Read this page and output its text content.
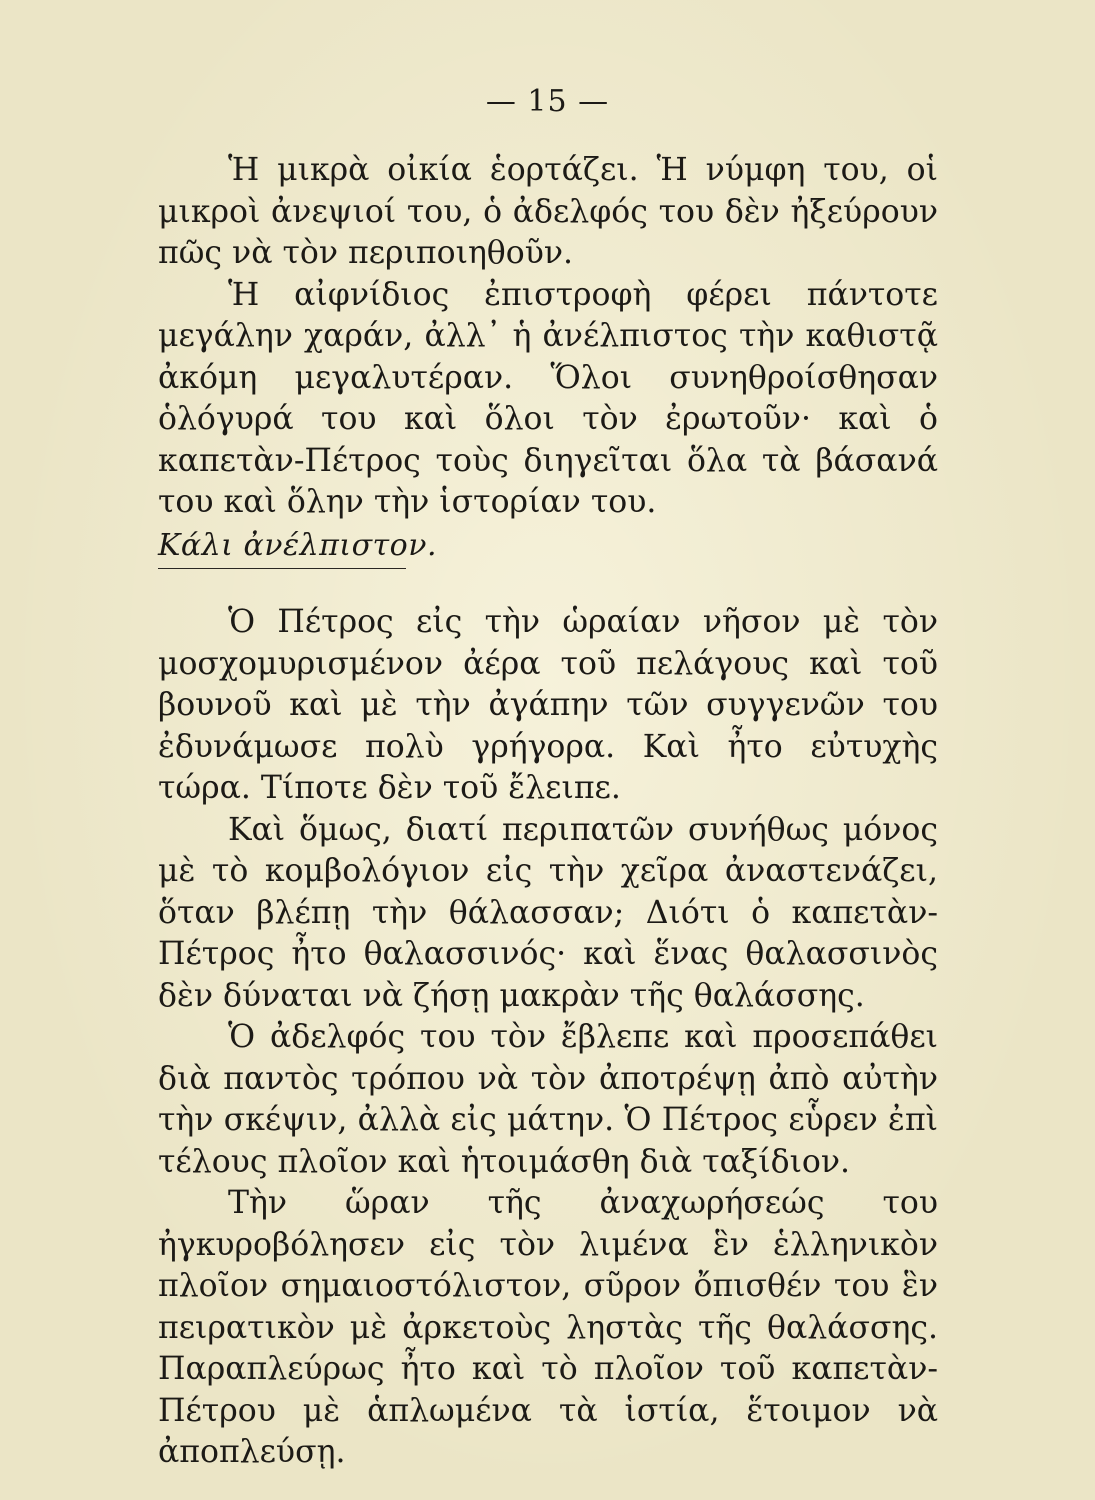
— 15 —

Ἡ μικρὰ οἰκία ἑορτάζει. Ἡ νύμφη του, οἱ μικροὶ ἀνεψιοί του, ὁ ἀδελφός του δὲν ἠξεύρουν πῶς νὰ τὸν περιποιηθοῦν.

Ἡ αἰφνίδιος ἐπιστροφὴ φέρει πάντοτε μεγάλην χαράν, ἀλλ᾽ ἡ ἀνέλπιστος τὴν καθιστᾷ ἀκόμη μεγαλυτέραν. Ὅλοι συνηθροίσθησαν ὁλόγυρά του καὶ ὅλοι τὸν ἐρωτοῦν· καὶ ὁ καπετὰν-Πέτρος τοὺς διηγεῖται ὅλα τὰ βάσανά του καὶ ὅλην τὴν ἱστορίαν του.

Κάλι ἀνέλπιστον.

Ὁ Πέτρος εἰς τὴν ὡραίαν νῆσον μὲ τὸν μοσχομυρισμένον ἀέρα τοῦ πελάγους καὶ τοῦ βουνοῦ καὶ μὲ τὴν ἀγάπην τῶν συγγενῶν του ἐδυνάμωσε πολὺ γρήγορα. Καὶ ἦτο εὐτυχὴς τώρα. Τίποτε δὲν τοῦ ἔλειπε.

Καὶ ὅμως, διατί περιπατῶν συνήθως μόνος μὲ τὸ κομβολόγιον εἰς τὴν χεῖρα ἀναστενάζει, ὅταν βλέπῃ τὴν θάλασσαν; Διότι ὁ καπετὰν-Πέτρος ἦτο θαλασσινός· καὶ ἕνας θαλασσινὸς δὲν δύναται νὰ ζήσῃ μακρὰν τῆς θαλάσσης.

Ὁ ἀδελφός του τὸν ἔβλεπε καὶ προσεπάθει διὰ παντὸς τρόπου νὰ τὸν ἀποτρέψῃ ἀπὸ αὐτὴν τὴν σκέψιν, ἀλλὰ εἰς μάτην. Ὁ Πέτρος εὗρεν ἐπὶ τέλους πλοῖον καὶ ἡτοιμάσθη διὰ ταξίδιον.

Τὴν ὥραν τῆς ἀναχωρήσεώς του ἠγκυροβόλησεν εἰς τὸν λιμένα ἓν ἑλληνικὸν πλοῖον σημαιοστόλιστον, σῦρον ὄπισθέν του ἓν πειρατικὸν μὲ ἀρκετοὺς ληστὰς τῆς θαλάσσης. Παραπλεύρως ἦτο καὶ τὸ πλοῖον τοῦ καπετὰν-Πέτρου μὲ ἁπλωμένα τὰ ἱστία, ἕτοιμον νὰ ἀποπλεύσῃ.
